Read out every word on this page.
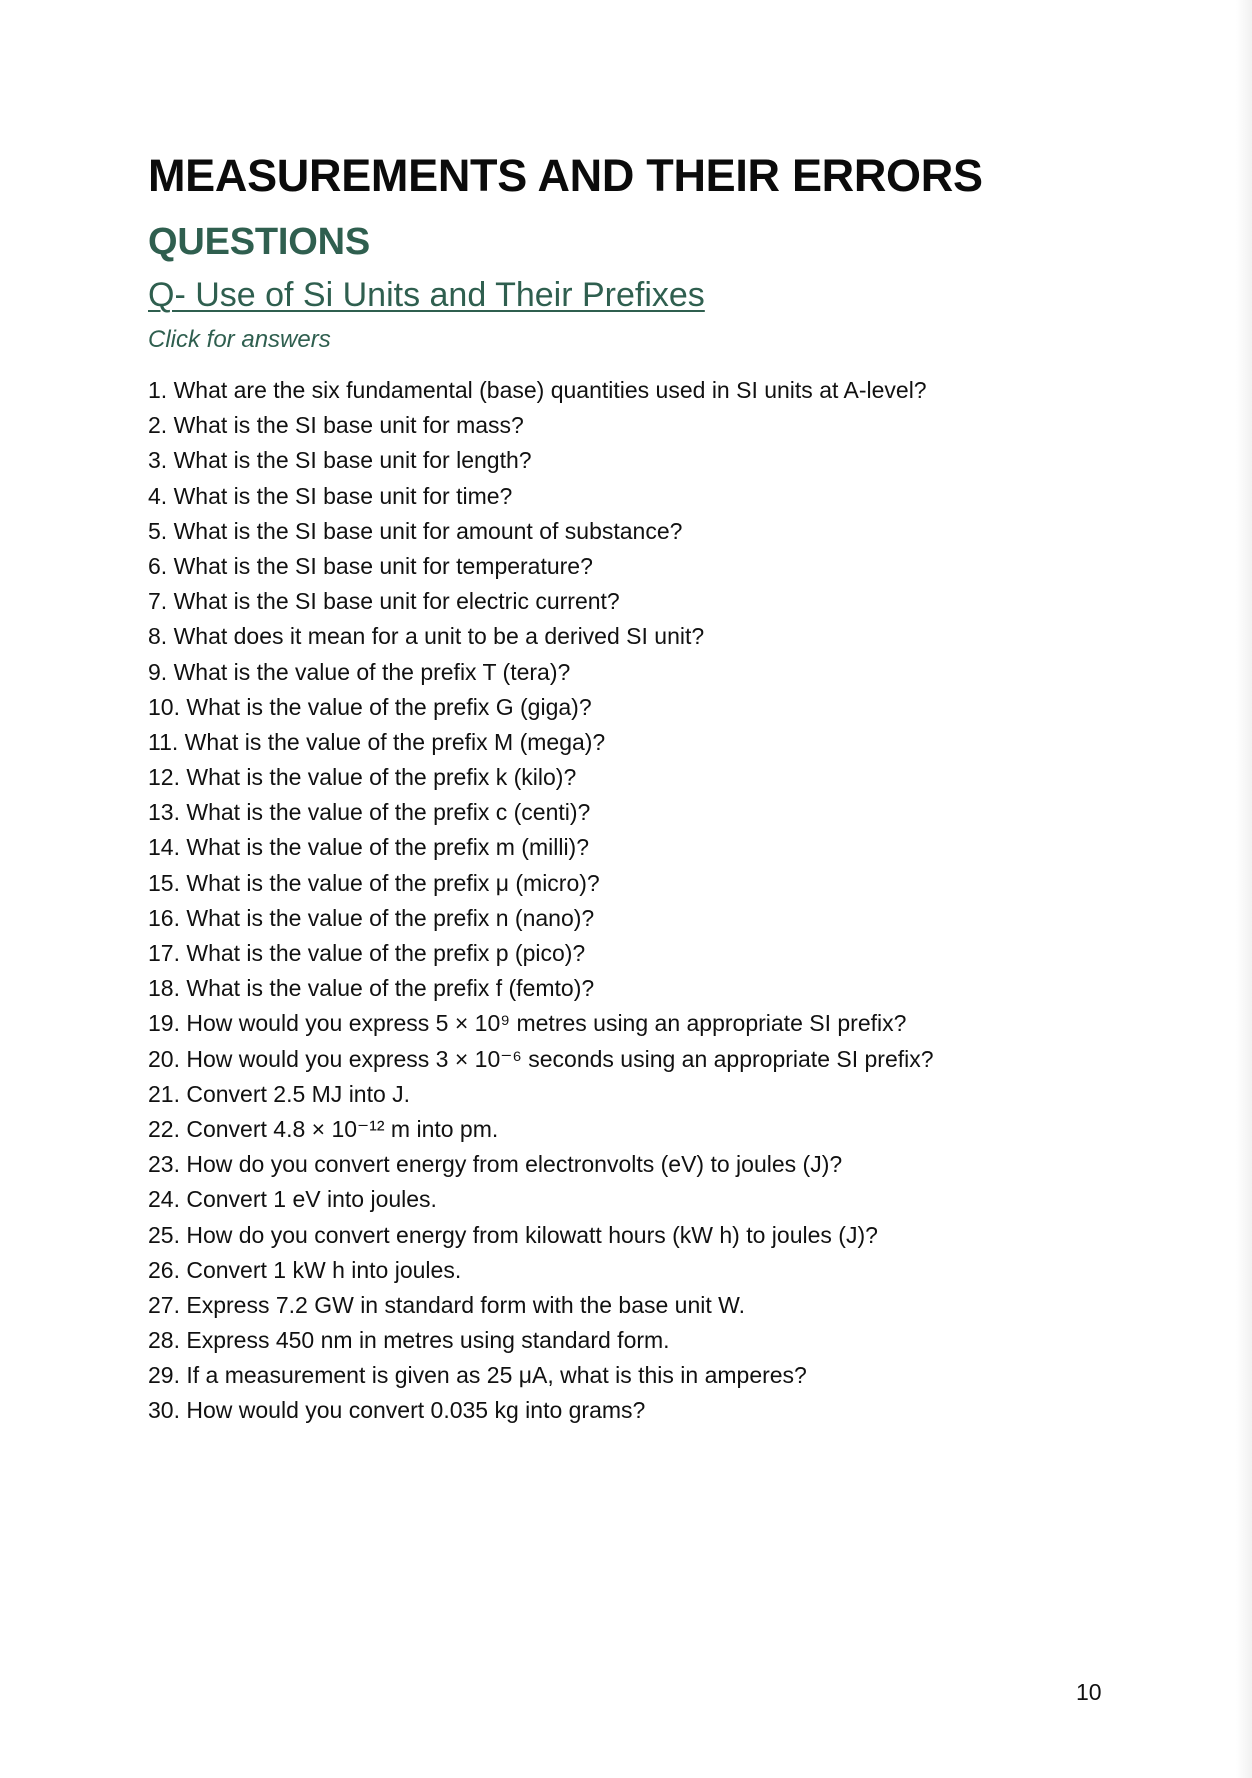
MEASUREMENTS AND THEIR ERRORS
QUESTIONS
Q- Use of Si Units and Their Prefixes
Click for answers
1. What are the six fundamental (base) quantities used in SI units at A-level?
2. What is the SI base unit for mass?
3. What is the SI base unit for length?
4. What is the SI base unit for time?
5. What is the SI base unit for amount of substance?
6. What is the SI base unit for temperature?
7. What is the SI base unit for electric current?
8. What does it mean for a unit to be a derived SI unit?
9. What is the value of the prefix T (tera)?
10. What is the value of the prefix G (giga)?
11. What is the value of the prefix M (mega)?
12. What is the value of the prefix k (kilo)?
13. What is the value of the prefix c (centi)?
14. What is the value of the prefix m (milli)?
15. What is the value of the prefix μ (micro)?
16. What is the value of the prefix n (nano)?
17. What is the value of the prefix p (pico)?
18. What is the value of the prefix f (femto)?
19. How would you express 5 × 10⁹ metres using an appropriate SI prefix?
20. How would you express 3 × 10⁻⁶ seconds using an appropriate SI prefix?
21. Convert 2.5 MJ into J.
22. Convert 4.8 × 10⁻¹² m into pm.
23. How do you convert energy from electronvolts (eV) to joules (J)?
24. Convert 1 eV into joules.
25. How do you convert energy from kilowatt hours (kW h) to joules (J)?
26. Convert 1 kW h into joules.
27. Express 7.2 GW in standard form with the base unit W.
28. Express 450 nm in metres using standard form.
29. If a measurement is given as 25 μA, what is this in amperes?
30. How would you convert 0.035 kg into grams?
10
